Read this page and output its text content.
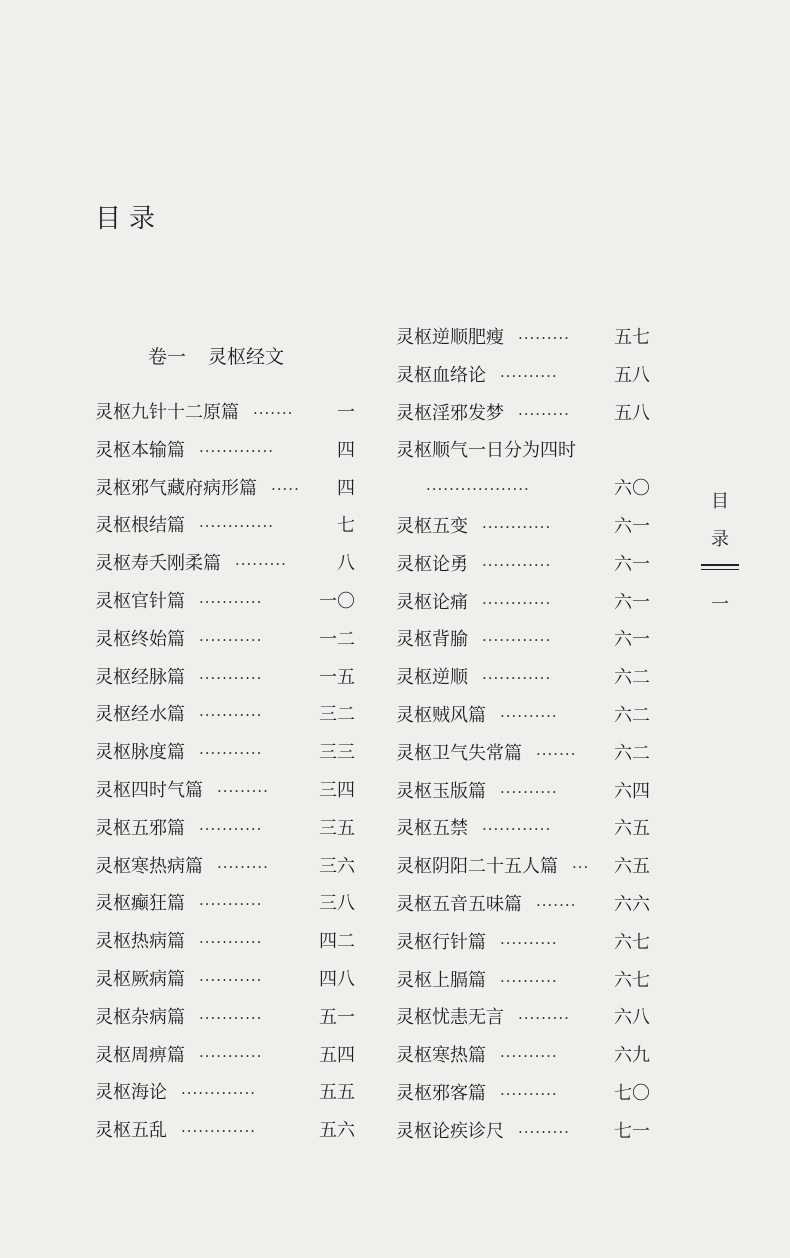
目录
卷一 灵枢经文
灵枢九针十二原篇 ·······	一
灵枢本输篇 ·············	四
灵枢邪气藏府病形篇 ·····	四
灵枢根结篇 ·············	七
灵枢寿夭刚柔篇 ·········	八
灵枢官针篇 ···········	一〇
灵枢终始篇 ···········	一二
灵枢经脉篇 ···········	一五
灵枢经水篇 ···········	三二
灵枢脉度篇 ···········	三三
灵枢四时气篇 ·········	三四
灵枢五邪篇 ···········	三五
灵枢寒热病篇 ·········	三六
灵枢癫狂篇 ···········	三八
灵枢热病篇 ···········	四二
灵枢厥病篇 ···········	四八
灵枢杂病篇 ···········	五一
灵枢周痹篇 ···········	五四
灵枢海论 ·············	五五
灵枢五乱 ·············	五六
灵枢逆顺肥瘦 ·········	五七
灵枢血络论 ··········	五八
灵枢淫邪发梦 ·········	五八
灵枢顺气一日分为四时
··················	六〇
灵枢五变 ············	六一
灵枢论勇 ············	六一
灵枢论痛 ············	六一
灵枢背腧 ············	六一
灵枢逆顺 ············	六二
灵枢贼风篇 ··········	六二
灵枢卫气失常篇 ·······	六二
灵枢玉版篇 ··········	六四
灵枢五禁 ············	六五
灵枢阴阳二十五人篇 ···	六五
灵枢五音五味篇 ·······	六六
灵枢行针篇 ··········	六七
灵枢上膈篇 ··········	六七
灵枢忧恚无言 ·········	六八
灵枢寒热篇 ··········	六九
灵枢邪客篇 ··········	七〇
灵枢论疾诊尺 ·········	七一
目
录
一
